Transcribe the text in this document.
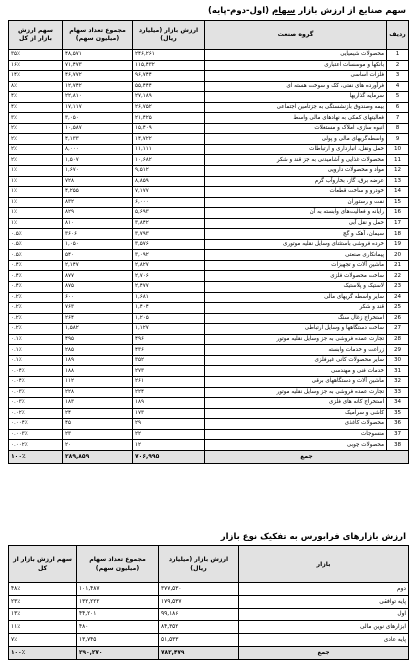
سهم صنایع از ارزش بازار سهام (اول-دوم-پایه)
ردیف	گروه صنعت	ارزش بازار (میلیارد ریال)	مجموع تعداد سهام (میلیون سهم)	سهم ارزش بازار از کل
1	محصولات شیمیایی	۲۴۶,۲۶۱	۴۸,۵۷۱	۳۵٪
2	بانکها و موسسات اعتباری	۱۱۵,۴۳۲	۷۱,۴۷۳	۱۶٪
3	فلزات اساسی	۹۶,۷۴۴	۴۶,۷۷۲	۱۴٪
4	فرآورده های نفتی، کک و سوخت هسته ای	۵۵,۴۴۴	۱۲,۷۴۲	۸٪
5	سرمایه گذاریها	۲۷,۱۸۹	۲۲,۸۱۰	۴٪
6	بیمه وصندوق بازنشستگی به جزتامین اجتماعی	۲۶,۷۵۲	۱۷,۱۱۷	۴٪
7	فعالیتهای کمکی به نهادهای مالی واسط	۲۱,۴۲۵	۳,۰۵۰	۳٪
8	انبوه سازی، املاک و مستغلات	۱۵,۴۰۹	۱۰,۵۸۷	۲٪
9	واسطه‌گریهای مالی و پولی	۱۴,۷۲۲	۴,۱۳۳	۲٪
10	حمل ونقل، انبارداری و ارتباطات	۱۱,۱۱۱	۸,۰۰۰	۲٪
11	محصولات غذایی و آشامیدنی به جز قند و شکر	۱۰,۶۸۲	۱,۵۰۷	۲٪
12	مواد و محصولات دارویی	۹,۵۱۲	۱,۶۷۰	۱٪
13	عرضه برق، گاز، بخاروآب گرم	۸,۸۵۹	۷۲۸	۱٪
14	خودرو و ساخت قطعات	۷,۱۷۷	۴,۲۵۵	۱٪
15	نفت و رستوران	۶,۰۰۰	۸۳۲	۱٪
16	رایانه و فعالیت‌های وابسته به آن	۵,۶۹۳	۸۲۹	۱٪
17	حمل و نقل آبی	۳,۸۴۲	۸۱۰	۱٪
18	سیمان، آهک و گچ	۳,۷۹۳	۳۶۰۶	۰.۵٪
19	خرده فروشی باستثنای وسایل نقلیه موتوری	۳,۵۷۶	۱,۰۵۰	۰.۵٪
20	پیمانکاری صنعتی	۳,۰۹۲	۵۴۰	۰.۵٪
21	ماشین آلات و تجهیزات	۲,۸۲۷	۲,۱۴۷	۰.۴٪
22	ساخت محصولات فلزی	۲,۷۰۶	۸۷۷	۰.۴٪
23	لاستیک و پلاستیک	۲,۴۷۷	۸۷۵	۰.۴٪
24	سایر واسطه گریهای مالی	۱,۶۸۱	۶۰۰	۰.۲٪
25	قند و شکر	۱,۴۰۴	۷۶۳	۰.۲٪
26	استخراج زغال سنگ	۱,۲۰۵	۲۶۴	۰.۲٪
27	ساخت دستگاهها و وسایل ارتباطی	۱,۱۲۷	۱,۵۸۲	۰.۲٪
28	تجارت عمده فروشی به جز وسایل نقلیه موتور	۴۹۶	۴۹۵	۰.۱٪
29	زراعت و خدمات وابسته	۴۳۶	۲۸۵	۰.۱٪
30	سایر محصولات کانی غیرفلزی	۳۵۲	۱۸۹	۰.۱٪
31	خدمات فنی و مهندسی	۲۷۳	۱۸۸	۰.۰۴٪
32	ماشین آلات و دستگاههای برقی	۲۶۱	۱۱۲	۰.۰۴٪
33	تجارت عمده فروشی به جز وسایل نقلیه موتور	۲۲۴	۲۲۸	۰.۰۳٪
34	استخراج کانه های فلزی	۱۸۹	۱۸۳	۰.۰۳٪
35	کاشی و سرامیک	۱۷۳	۲۴	۰.۰۲٪
36	محصولات کاغذی	۲۹	۴۵	۰.۰۰۴٪
37	منسوجات	۲۲	۲۳	۰.۰۰۳٪
38	محصولات چوبی	۱۲	۲۰	۰.۰۰۲٪
جمع		۷۰۶,۹۹۵	۲۸۹,۸۵۹	۱۰۰٪
ارزش بازارهای فرابورس به تفکیک نوع بازار
بازار	ارزش بازار (میلیارد ریال)	مجموع تعداد سهام (میلیون سهم)	سهم ارزش بازار از کل
دوم	۳۷۷,۵۳۰	۱۰۱,۴۸۷	۴۸٪
پایه توافقی	۱۷۹,۵۳۷	۱۳۲,۲۲۲	۲۳٪
اول	۹۹,۱۸۶	۴۴,۲۰۱	۱۳٪
ابزارهای نوین مالی	۸۴,۳۵۲	۴۸۰	۱۱٪
پایه عادی	۵۱,۵۳۳	۱۳,۷۴۵	۷٪
جمع	۷۸۲,۴۷۹	۲۹۰,۲۷۰	۱۰۰٪
